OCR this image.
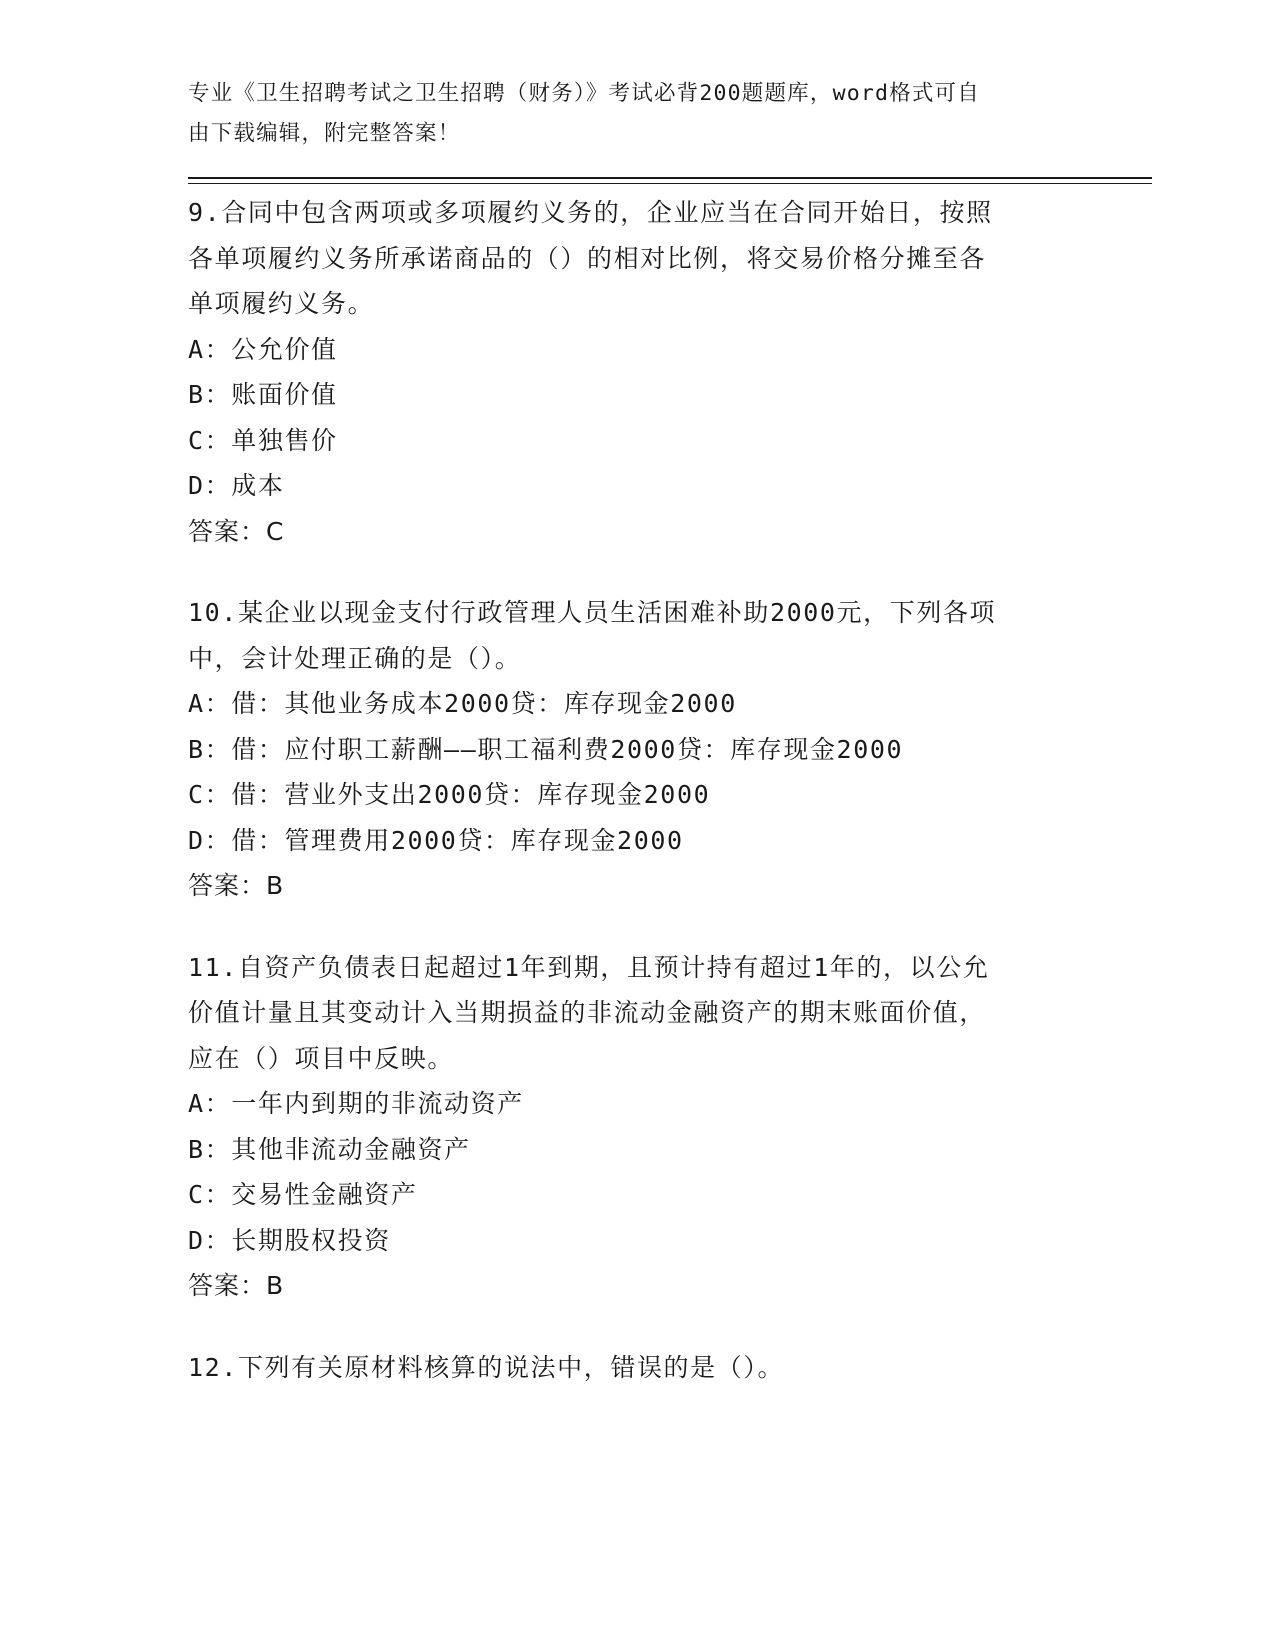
专业《卫生招聘考试之卫生招聘（财务）》考试必背200题题库，word格式可自
由下载编辑，附完整答案！
9.合同中包含两项或多项履约义务的，企业应当在合同开始日，按照
各单项履约义务所承诺商品的（）的相对比例，将交易价格分摊至各
单项履约义务。
A：公允价值
B：账面价值
C：单独售价
D：成本
答案：C
10.某企业以现金支付行政管理人员生活困难补助2000元，下列各项
中，会计处理正确的是（）。
A：借：其他业务成本2000贷：库存现金2000
B：借：应付职工薪酬——职工福利费2000贷：库存现金2000
C：借：营业外支出2000贷：库存现金2000
D：借：管理费用2000贷：库存现金2000
答案：B
11.自资产负债表日起超过1年到期，且预计持有超过1年的，以公允
价值计量且其变动计入当期损益的非流动金融资产的期末账面价值，
应在（）项目中反映。
A：一年内到期的非流动资产
B：其他非流动金融资产
C：交易性金融资产
D：长期股权投资
答案：B
12.下列有关原材料核算的说法中，错误的是（）。
